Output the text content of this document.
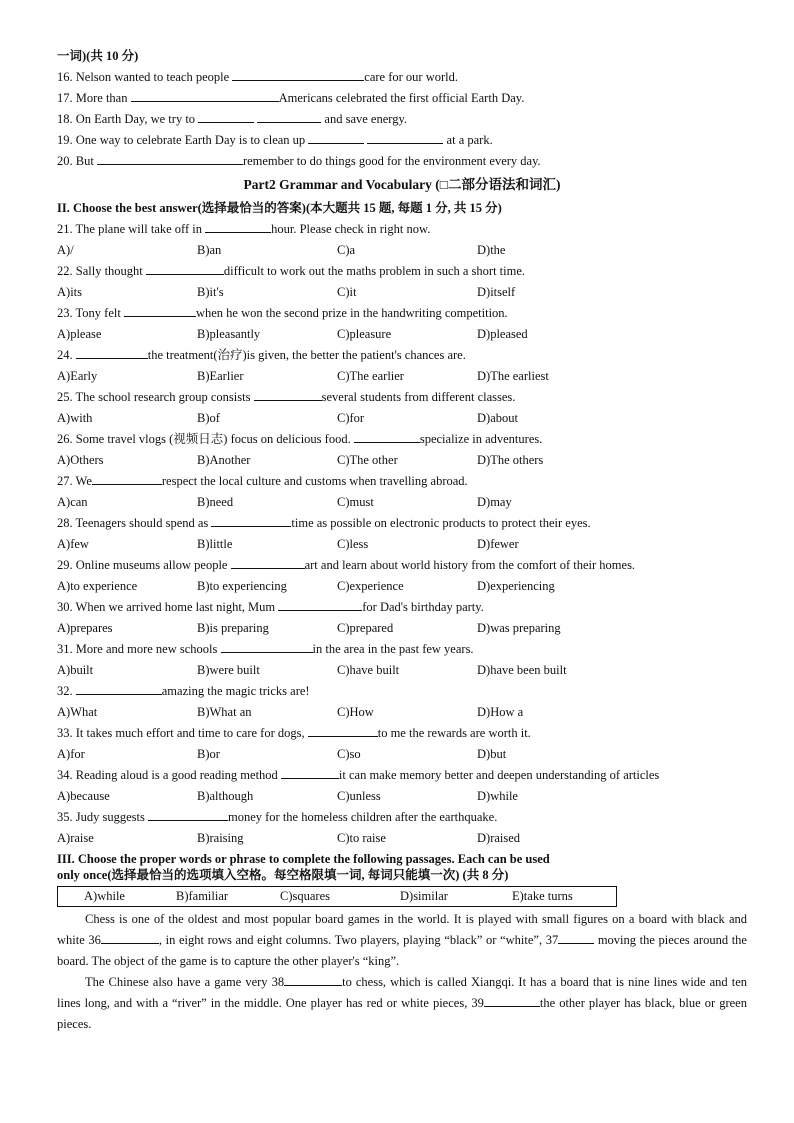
一词)(共 10 分)
16. Nelson wanted to teach people	care for our world.
17. More than	Americans celebrated the first official Earth Day.
18. On Earth Day, we try to	and save energy.
19. One way to celebrate Earth Day is to clean up	at a park.
20. But	remember to do things good for the environment every day.
Part2 Grammar and Vocabulary (□二部分语法和词汇)
II. Choose the best answer(选择最恰当的答案)(本大题共 15 题, 每题 1 分, 共 15 分)
21. The plane will take off in	hour. Please check in right now.
A)/	B)an	C)a	D)the
22. Sally thought	difficult to work out the maths problem in such a short time.
A)its	B)it's	C)it	D)itself
23. Tony felt	when he won the second prize in the handwriting competition.
A)please	B)pleasantly	C)pleasure	D)pleased
24.	the treatment(治疗)is given, the better the patient's chances are.
A)Early	B)Earlier	C)The earlier	D)The earliest
25. The school research group consists	several students from different classes.
A)with	B)of	C)for	D)about
26. Some travel vlogs (视频日志) focus on delicious food.	specialize in adventures.
A)Others	B)Another	C)The other	D)The others
27. We	respect the local culture and customs when travelling abroad.
A)can	B)need	C)must	D)may
28. Teenagers should spend as	time as possible on electronic products to protect their eyes.
A)few	B)little	C)less	D)fewer
29. Online museums allow people	art and learn about world history from the comfort of their homes.
A)to experience	B)to experiencing	C)experience	D)experiencing
30. When we arrived home last night, Mum	for Dad's birthday party.
A)prepares	B)is preparing	C)prepared	D)was preparing
31. More and more new schools	in the area in the past few years.
A)built	B)were built	C)have built	D)have been built
32.	amazing the magic tricks are!
A)What	B)What an	C)How	D)How a
33. It takes much effort and time to care for dogs,	to me the rewards are worth it.
A)for	B)or	C)so	D)but
34. Reading aloud is a good reading method	it can make memory better and deepen understanding of articles
A)because	B)although	C)unless	D)while
35. Judy suggests	money for the homeless children after the earthquake.
A)raise	B)raising	C)to raise	D)raised
III. Choose the proper words or phrase to complete the following passages. Each can be used
only once(选择最恰当的选项填入空格。每空格限填一词, 每词只能填一次) (共 8 分)
A)while	B)familiar	C)squares	D)similar	E)take turns
Chess is one of the oldest and most popular board games in the world. It is played with small figures on a board with black and white 36	, in eight rows and eight columns. Two players, playing “black” or “white”, 37	moving the pieces around the board. The object of the game is to capture the other player's “king”.
The Chinese also have a game very 38	to chess, which is called Xiangqi. It has a board that is nine lines wide and ten lines long, and with a “river” in the middle. One player has red or white pieces, 39	the other player has black, blue or green pieces.
